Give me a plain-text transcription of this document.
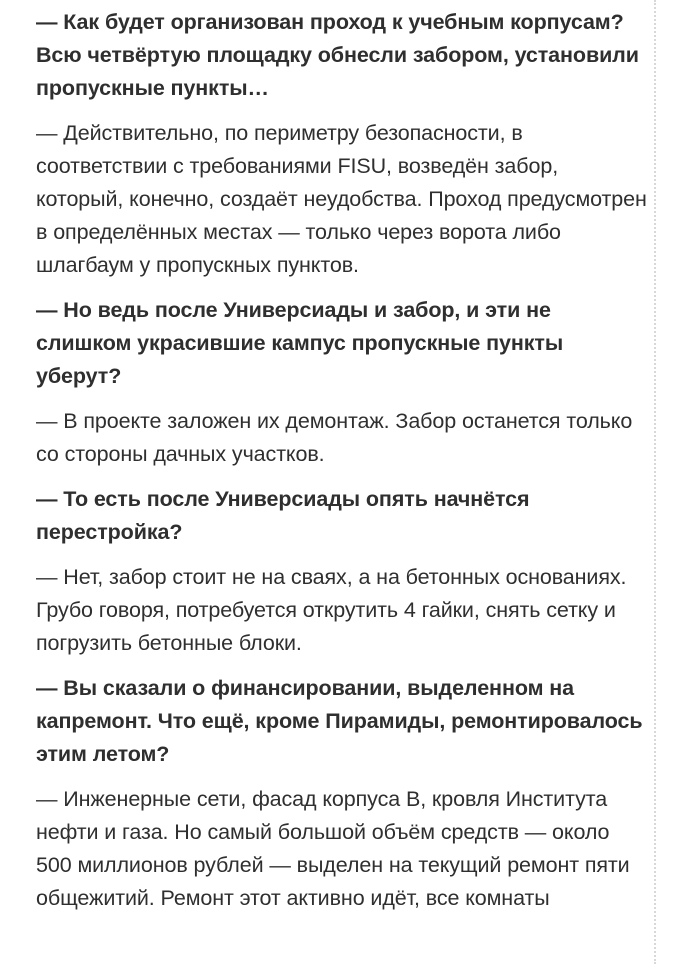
— Как будет организован проход к учебным корпусам? Всю четвёртую площадку обнесли забором, установили пропускные пункты…

— Действительно, по периметру безопасности, в соответствии с требованиями FISU, возведён забор, который, конечно, создаёт неудобства. Проход предусмотрен в определённых местах — только через ворота либо шлагбаум у пропускных пунктов.

— Но ведь после Универсиады и забор, и эти не слишком украсившие кампус пропускные пункты уберут?

— В проекте заложен их демонтаж. Забор останется только со стороны дачных участков.

— То есть после Универсиады опять начнётся перестройка?

— Нет, забор стоит не на сваях, а на бетонных основаниях. Грубо говоря, потребуется открутить 4 гайки, снять сетку и погрузить бетонные блоки.

— Вы сказали о финансировании, выделенном на капремонт. Что ещё, кроме Пирамиды, ремонтировалось этим летом?

— Инженерные сети, фасад корпуса В, кровля Института нефти и газа. Но самый большой объём средств — около 500 миллионов рублей — выделен на текущий ремонт пяти общежитий. Ремонт этот активно идёт, все комнаты
